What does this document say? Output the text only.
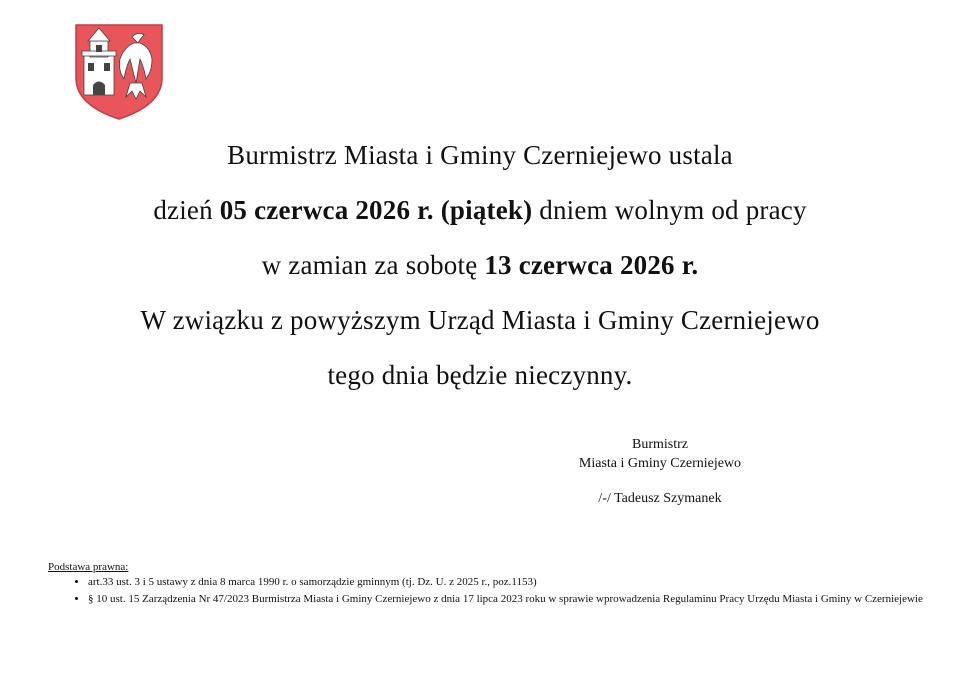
Burmistrz Miasta i Gminy Czerniejewo ustala
dzień 05 czerwca 2026 r. (piątek) dniem wolnym od pracy
w zamian za sobotę 13 czerwca 2026 r.
W związku z powyższym Urząd Miasta i Gminy Czerniejewo
tego dnia będzie nieczynny.
Burmistrz
Miasta i Gminy Czerniejewo
/-/ Tadeusz Szymanek
Podstawa prawna:
• art.33 ust. 3 i 5 ustawy z dnia 8 marca 1990 r. o samorządzie gminnym (tj. Dz. U. z 2025 r., poz.1153)
• § 10 ust. 15 Zarządzenia Nr 47/2023 Burmistrza Miasta i Gminy Czerniejewo z dnia 17 lipca 2023 roku w sprawie wprowadzenia Regulaminu Pracy Urzędu Miasta i Gminy w Czerniejewie
